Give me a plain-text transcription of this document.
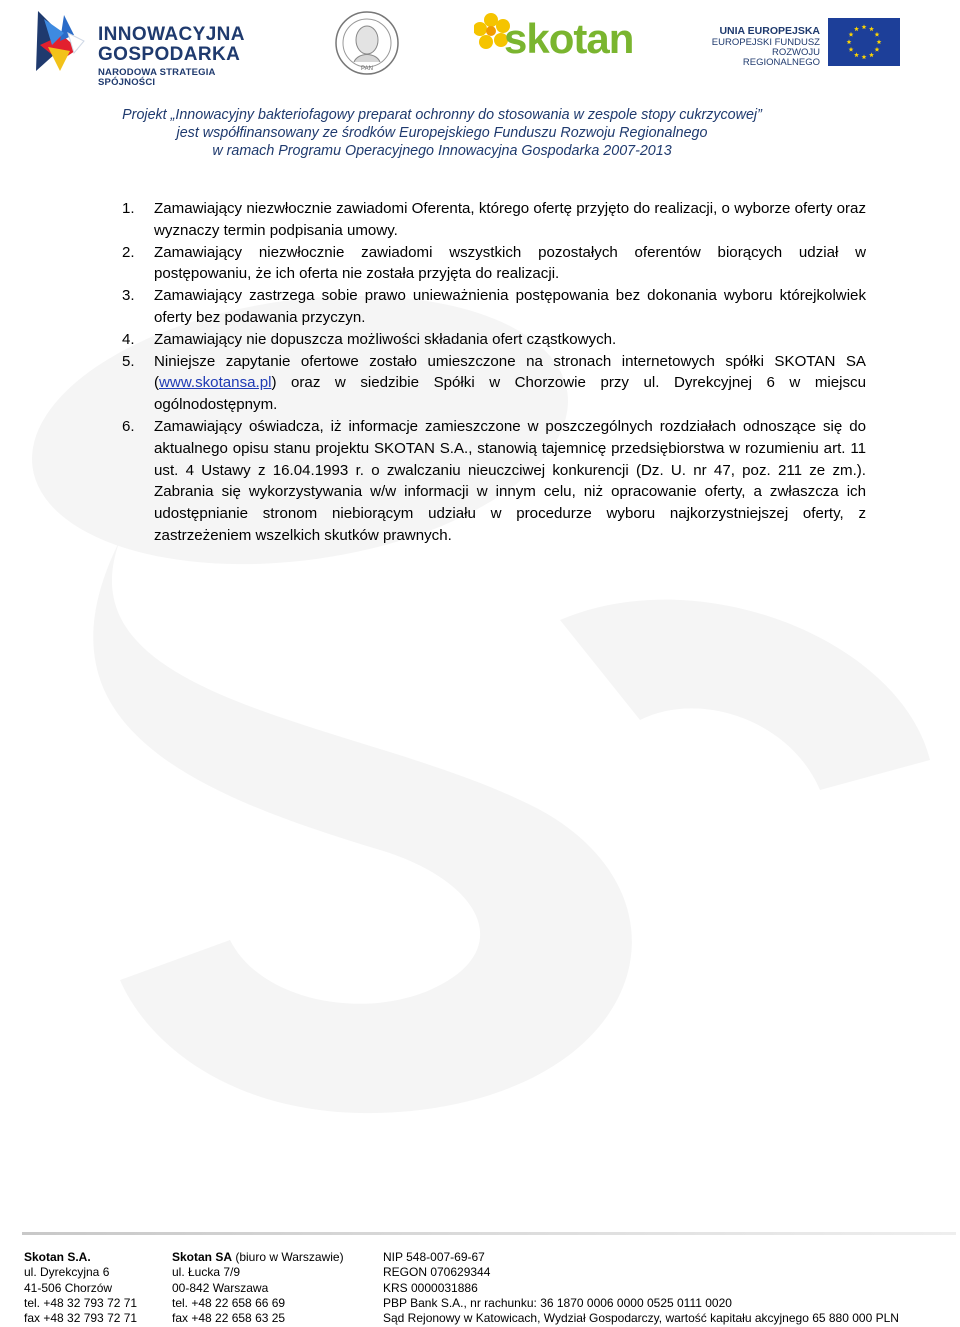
INNOWACYJNA
GOSPODARKA
NARODOWA STRATEGIA SPÓJNOŚCI
PAN
skotan	UNIA EUROPEJSKA
EUROPEJSKI FUNDUSZ
ROZWOJU REGIONALNEGO
Projekt „Innowacyjny bakteriofagowy preparat ochronny do stosowania w zespole stopy cukrzycowej”
jest współfinansowany ze środków Europejskiego Funduszu Rozwoju Regionalnego
w ramach Programu Operacyjnego Innowacyjna Gospodarka 2007-2013
1. Zamawiający niezwłocznie zawiadomi Oferenta, którego ofertę przyjęto do realizacji, o wyborze oferty oraz wyznaczy termin podpisania umowy.
2. Zamawiający niezwłocznie zawiadomi wszystkich pozostałych oferentów biorących udział w postępowaniu, że ich oferta nie została przyjęta do realizacji.
3. Zamawiający zastrzega sobie prawo unieważnienia postępowania bez dokonania wyboru którejkolwiek oferty bez podawania przyczyn.
4. Zamawiający nie dopuszcza możliwości składania ofert cząstkowych.
5. Niniejsze zapytanie ofertowe zostało umieszczone na stronach internetowych spółki SKOTAN SA (www.skotansa.pl) oraz w siedzibie Spółki w Chorzowie przy ul. Dyrekcyjnej 6 w miejscu ogólnodostępnym.
6. Zamawiający oświadcza, iż informacje zamieszczone w poszczególnych rozdziałach odnoszące się do aktualnego opisu stanu projektu SKOTAN S.A., stanowią tajemnicę przedsiębiorstwa w rozumieniu art. 11 ust. 4 Ustawy z 16.04.1993 r. o zwalczaniu nieuczciwej konkurencji (Dz. U. nr 47, poz. 211 ze zm.). Zabrania się wykorzystywania w/w informacji w innym celu, niż opracowanie oferty, a zwłaszcza ich udostępnianie stronom niebiorącym udziału w procedurze wyboru najkorzystniejszej oferty, z zastrzeżeniem wszelkich skutków prawnych.
Skotan S.A.
ul. Dyrekcyjna 6
41-506 Chorzów
tel. +48 32 793 72 71
fax +48 32 793 72 71
Skotan SA (biuro w Warszawie)
ul. Łucka 7/9
00-842 Warszawa
tel. +48 22 658 66 69
fax +48 22 658 63 25
NIP 548-007-69-67
REGON 070629344
KRS 0000031886
PBP Bank S.A., nr rachunku: 36 1870 0006 0000 0525 0111 0020
Sąd Rejonowy w Katowicach, Wydział Gospodarczy, wartość kapitału akcyjnego 65 880 000 PLN
